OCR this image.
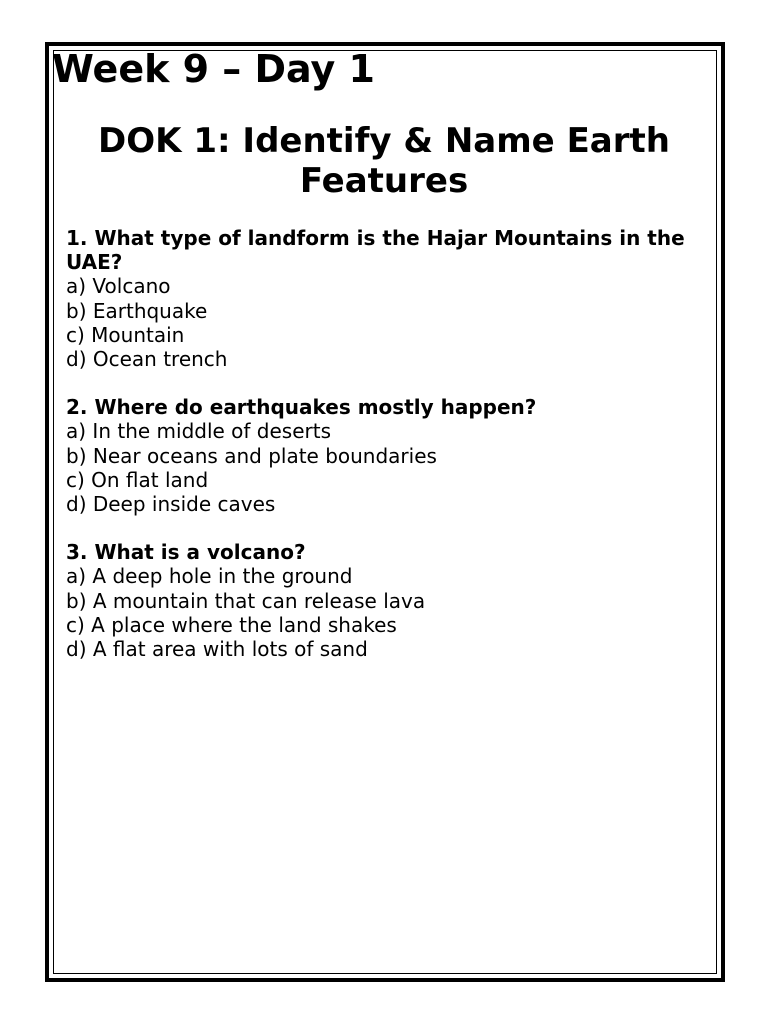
Week 9 – Day 1
DOK 1: Identify & Name Earth Features

1. What type of landform is the Hajar Mountains in the UAE?

a) Volcano

b) Earthquake

c) Mountain

d) Ocean trench

2. Where do earthquakes mostly happen?

a) In the middle of deserts

b) Near oceans and plate boundaries

c) On flat land

d) Deep inside caves

3. What is a volcano?

a) A deep hole in the ground

b) A mountain that can release lava

c) A place where the land shakes

d) A flat area with lots of sand
